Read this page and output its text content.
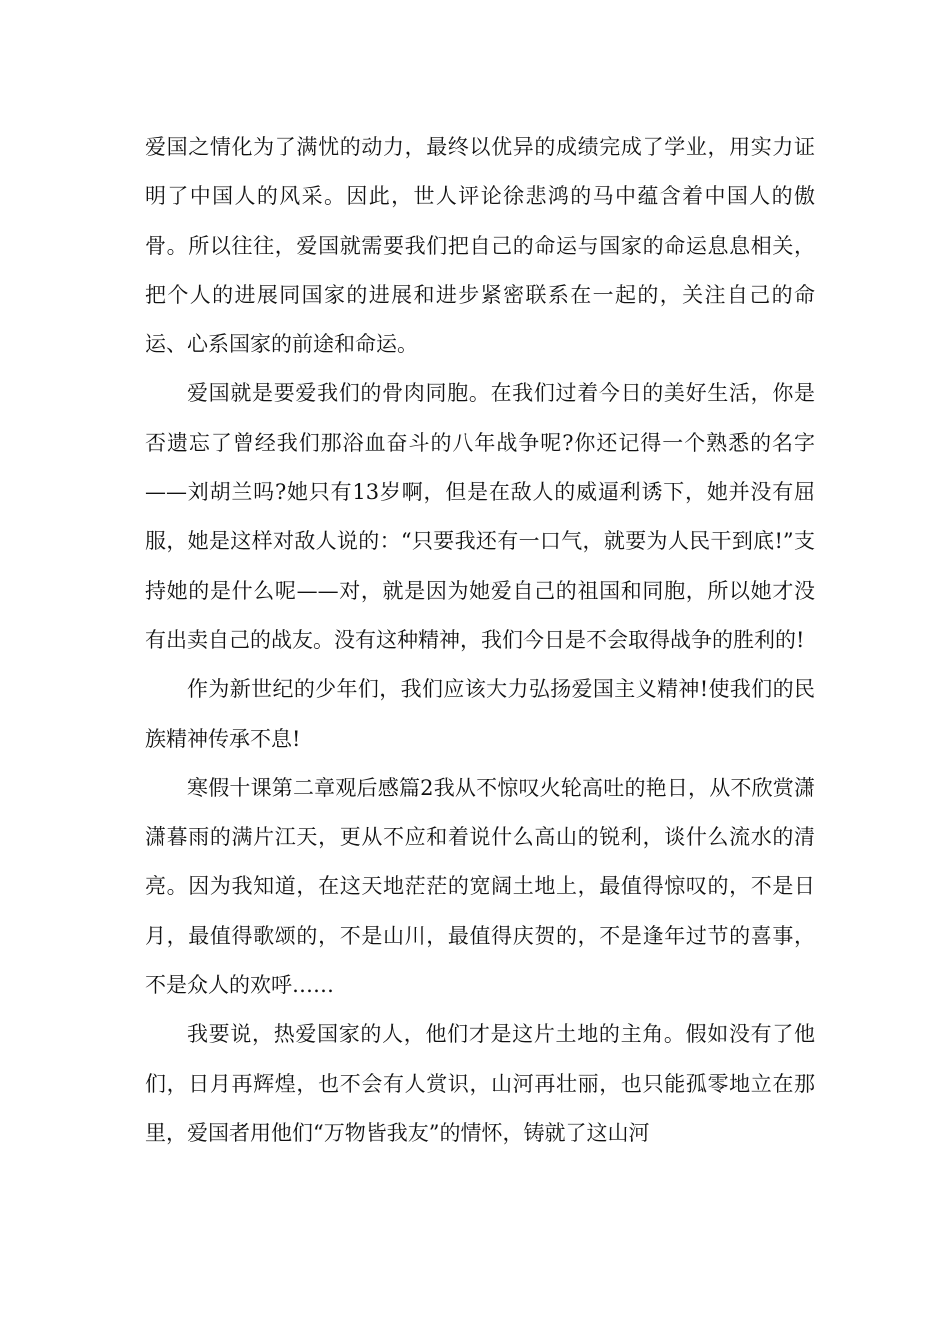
爱国之情化为了满忧的动力，最终以优异的成绩完成了学业，用实力证明了中国人的风采。因此，世人评论徐悲鸿的马中蕴含着中国人的傲骨。所以往往，爱国就需要我们把自己的命运与国家的命运息息相关，把个人的进展同国家的进展和进步紧密联系在一起的，关注自己的命运、心系国家的前途和命运。

爱国就是要爱我们的骨肉同胞。在我们过着今日的美好生活，你是否遗忘了曾经我们那浴血奋斗的八年战争呢?你还记得一个熟悉的名字——刘胡兰吗?她只有13岁啊，但是在敌人的威逼利诱下，她并没有屈服，她是这样对敌人说的：“只要我还有一口气，就要为人民干到底!”支持她的是什么呢——对，就是因为她爱自己的祖国和同胞，所以她才没有出卖自己的战友。没有这种精神，我们今日是不会取得战争的胜利的!

作为新世纪的少年们，我们应该大力弘扬爱国主义精神!使我们的民族精神传承不息!

寒假十课第二章观后感篇2我从不惊叹火轮高吐的艳日，从不欣赏潇潇暮雨的满片江天，更从不应和着说什么高山的锐利，谈什么流水的清亮。因为我知道，在这天地茫茫的宽阔土地上，最值得惊叹的，不是日月，最值得歌颂的，不是山川，最值得庆贺的，不是逢年过节的喜事，不是众人的欢呼……

我要说，热爱国家的人，他们才是这片土地的主角。假如没有了他们，日月再辉煌，也不会有人赏识，山河再壮丽，也只能孤零地立在那里，爱国者用他们“万物皆我友”的情怀，铸就了这山河
